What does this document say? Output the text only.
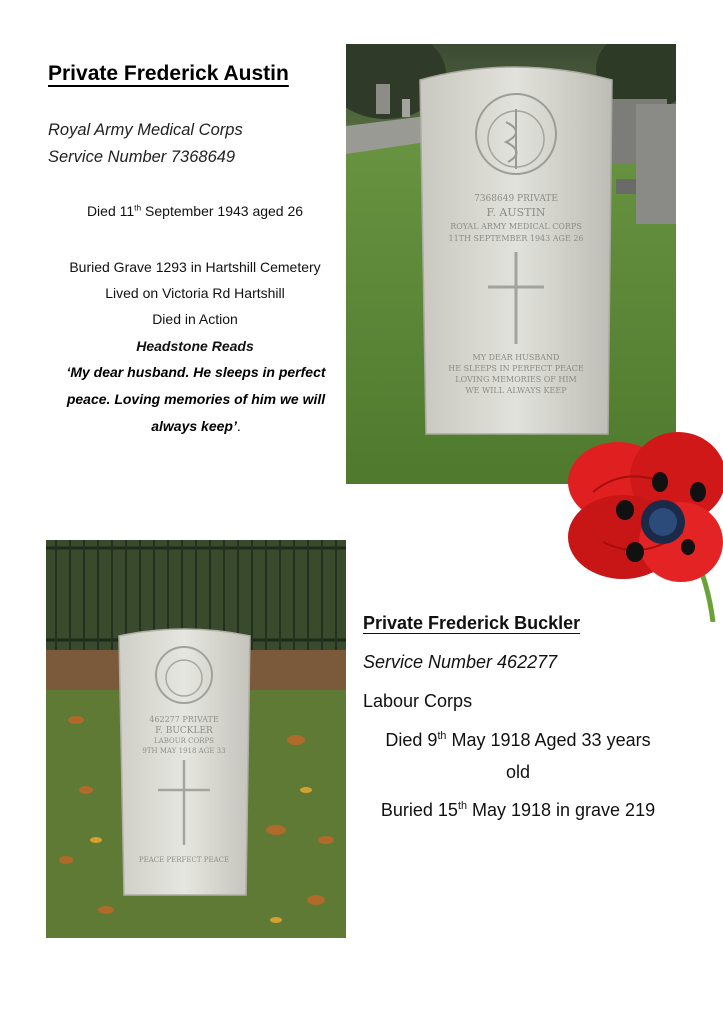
Private Frederick Austin
Royal Army Medical Corps
Service Number 7368649
Died 11th September 1943 aged 26
Buried Grave 1293 in Hartshill Cemetery
Lived on Victoria Rd Hartshill
Died in Action
Headstone Reads
‘My dear husband. He sleeps in perfect
peace. Loving memories of him we will
always keep’.
7368649 PRIVATE
F. AUSTIN
ROYAL ARMY MEDICAL CORPS
11TH SEPTEMBER 1943 AGE 26
MY DEAR HUSBAND
HE SLEEPS IN PERFECT PEACE
LOVING MEMORIES OF HIM
WE WILL ALWAYS KEEP
462277 PRIVATE
F. BUCKLER
LABOUR CORPS
9TH MAY 1918 AGE 33
PEACE PERFECT PEACE
Private Frederick Buckler
Service Number 462277
Labour Corps
Died 9th May 1918 Aged 33 years
old
Buried 15th May 1918 in grave 219
